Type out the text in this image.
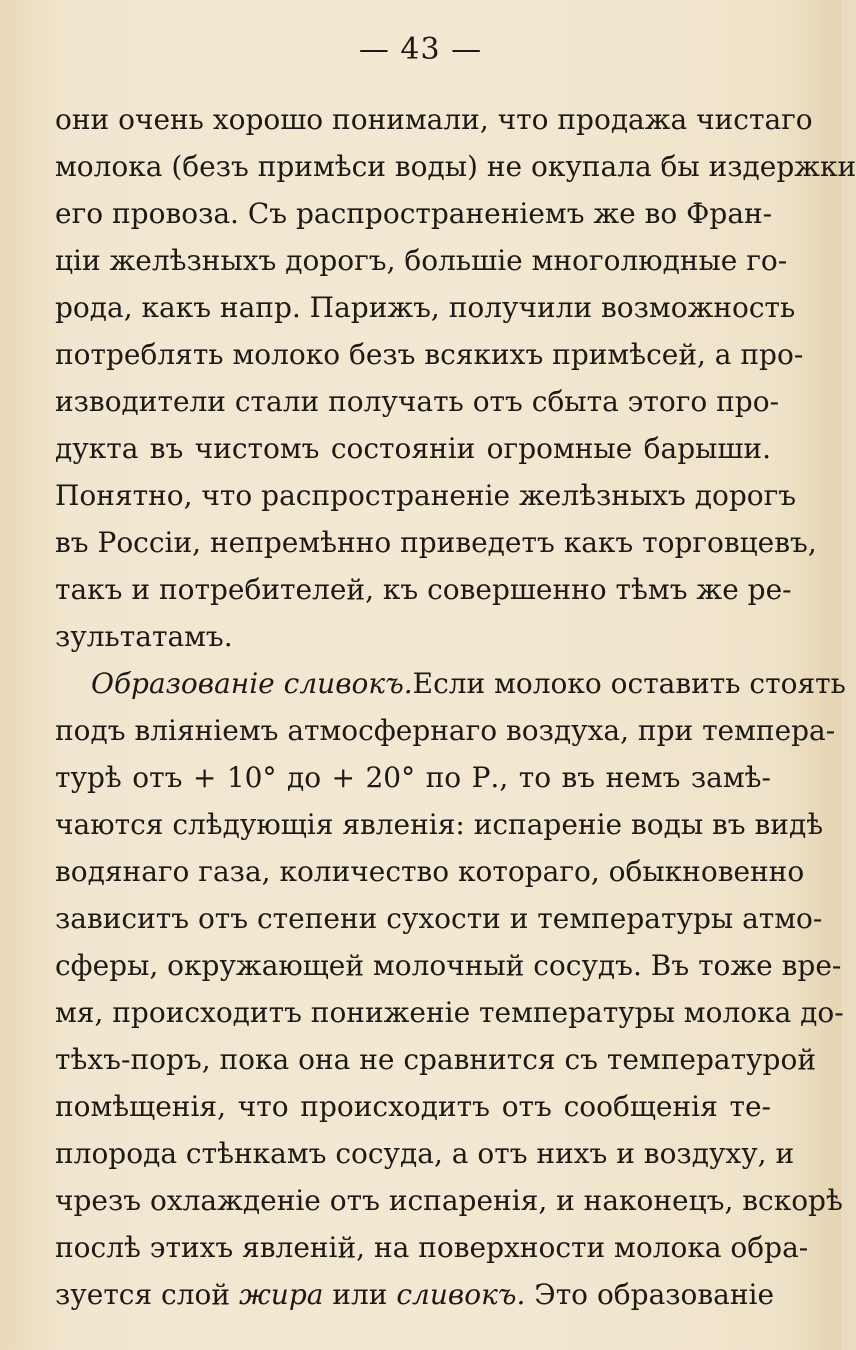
— 43 —
они очень хорошо понимали, что продажа чистаго
молока (безъ примѣси воды) не окупала бы издержки
его провоза. Съ распространеніемъ же во Фран-
ціи желѣзныхъ дорогъ, большіе многолюдные го-
рода, какъ напр. Парижъ, получили возможность
потреблять молоко безъ всякихъ примѣсей, а про-
изводители стали получать отъ сбыта этого про-
дукта въ чистомъ состояніи огромные барыши.
Понятно, что распространеніе желѣзныхъ дорогъ
въ Россіи, непремѣнно приведетъ какъ торговцевъ,
такъ и потребителей, къ совершенно тѣмъ же ре-
зультатамъ.
Образованіе сливокъ.Если молоко оставить стоять
подъ вліяніемъ атмосфернаго воздуха, при темпера-
турѣ отъ + 10° до + 20° по Р., то въ немъ замѣ-
чаются слѣдующія явленія: испареніе воды въ видѣ
водянаго газа, количество котораго, обыкновенно
зависитъ отъ степени сухости и температуры атмо-
сферы, окружающей молочный сосудъ. Въ тоже вре-
мя, происходитъ пониженіе температуры молока до-
тѣхъ-поръ, пока она не сравнится съ температурой
помѣщенія, что происходитъ отъ сообщенія те-
плорода стѣнкамъ сосуда, а отъ нихъ и воздуху, и
чрезъ охлажденіе отъ испаренія, и наконецъ, вскорѣ
послѣ этихъ явленій, на поверхности молока обра-
зуется слой жира или сливокъ. Это образованіе
